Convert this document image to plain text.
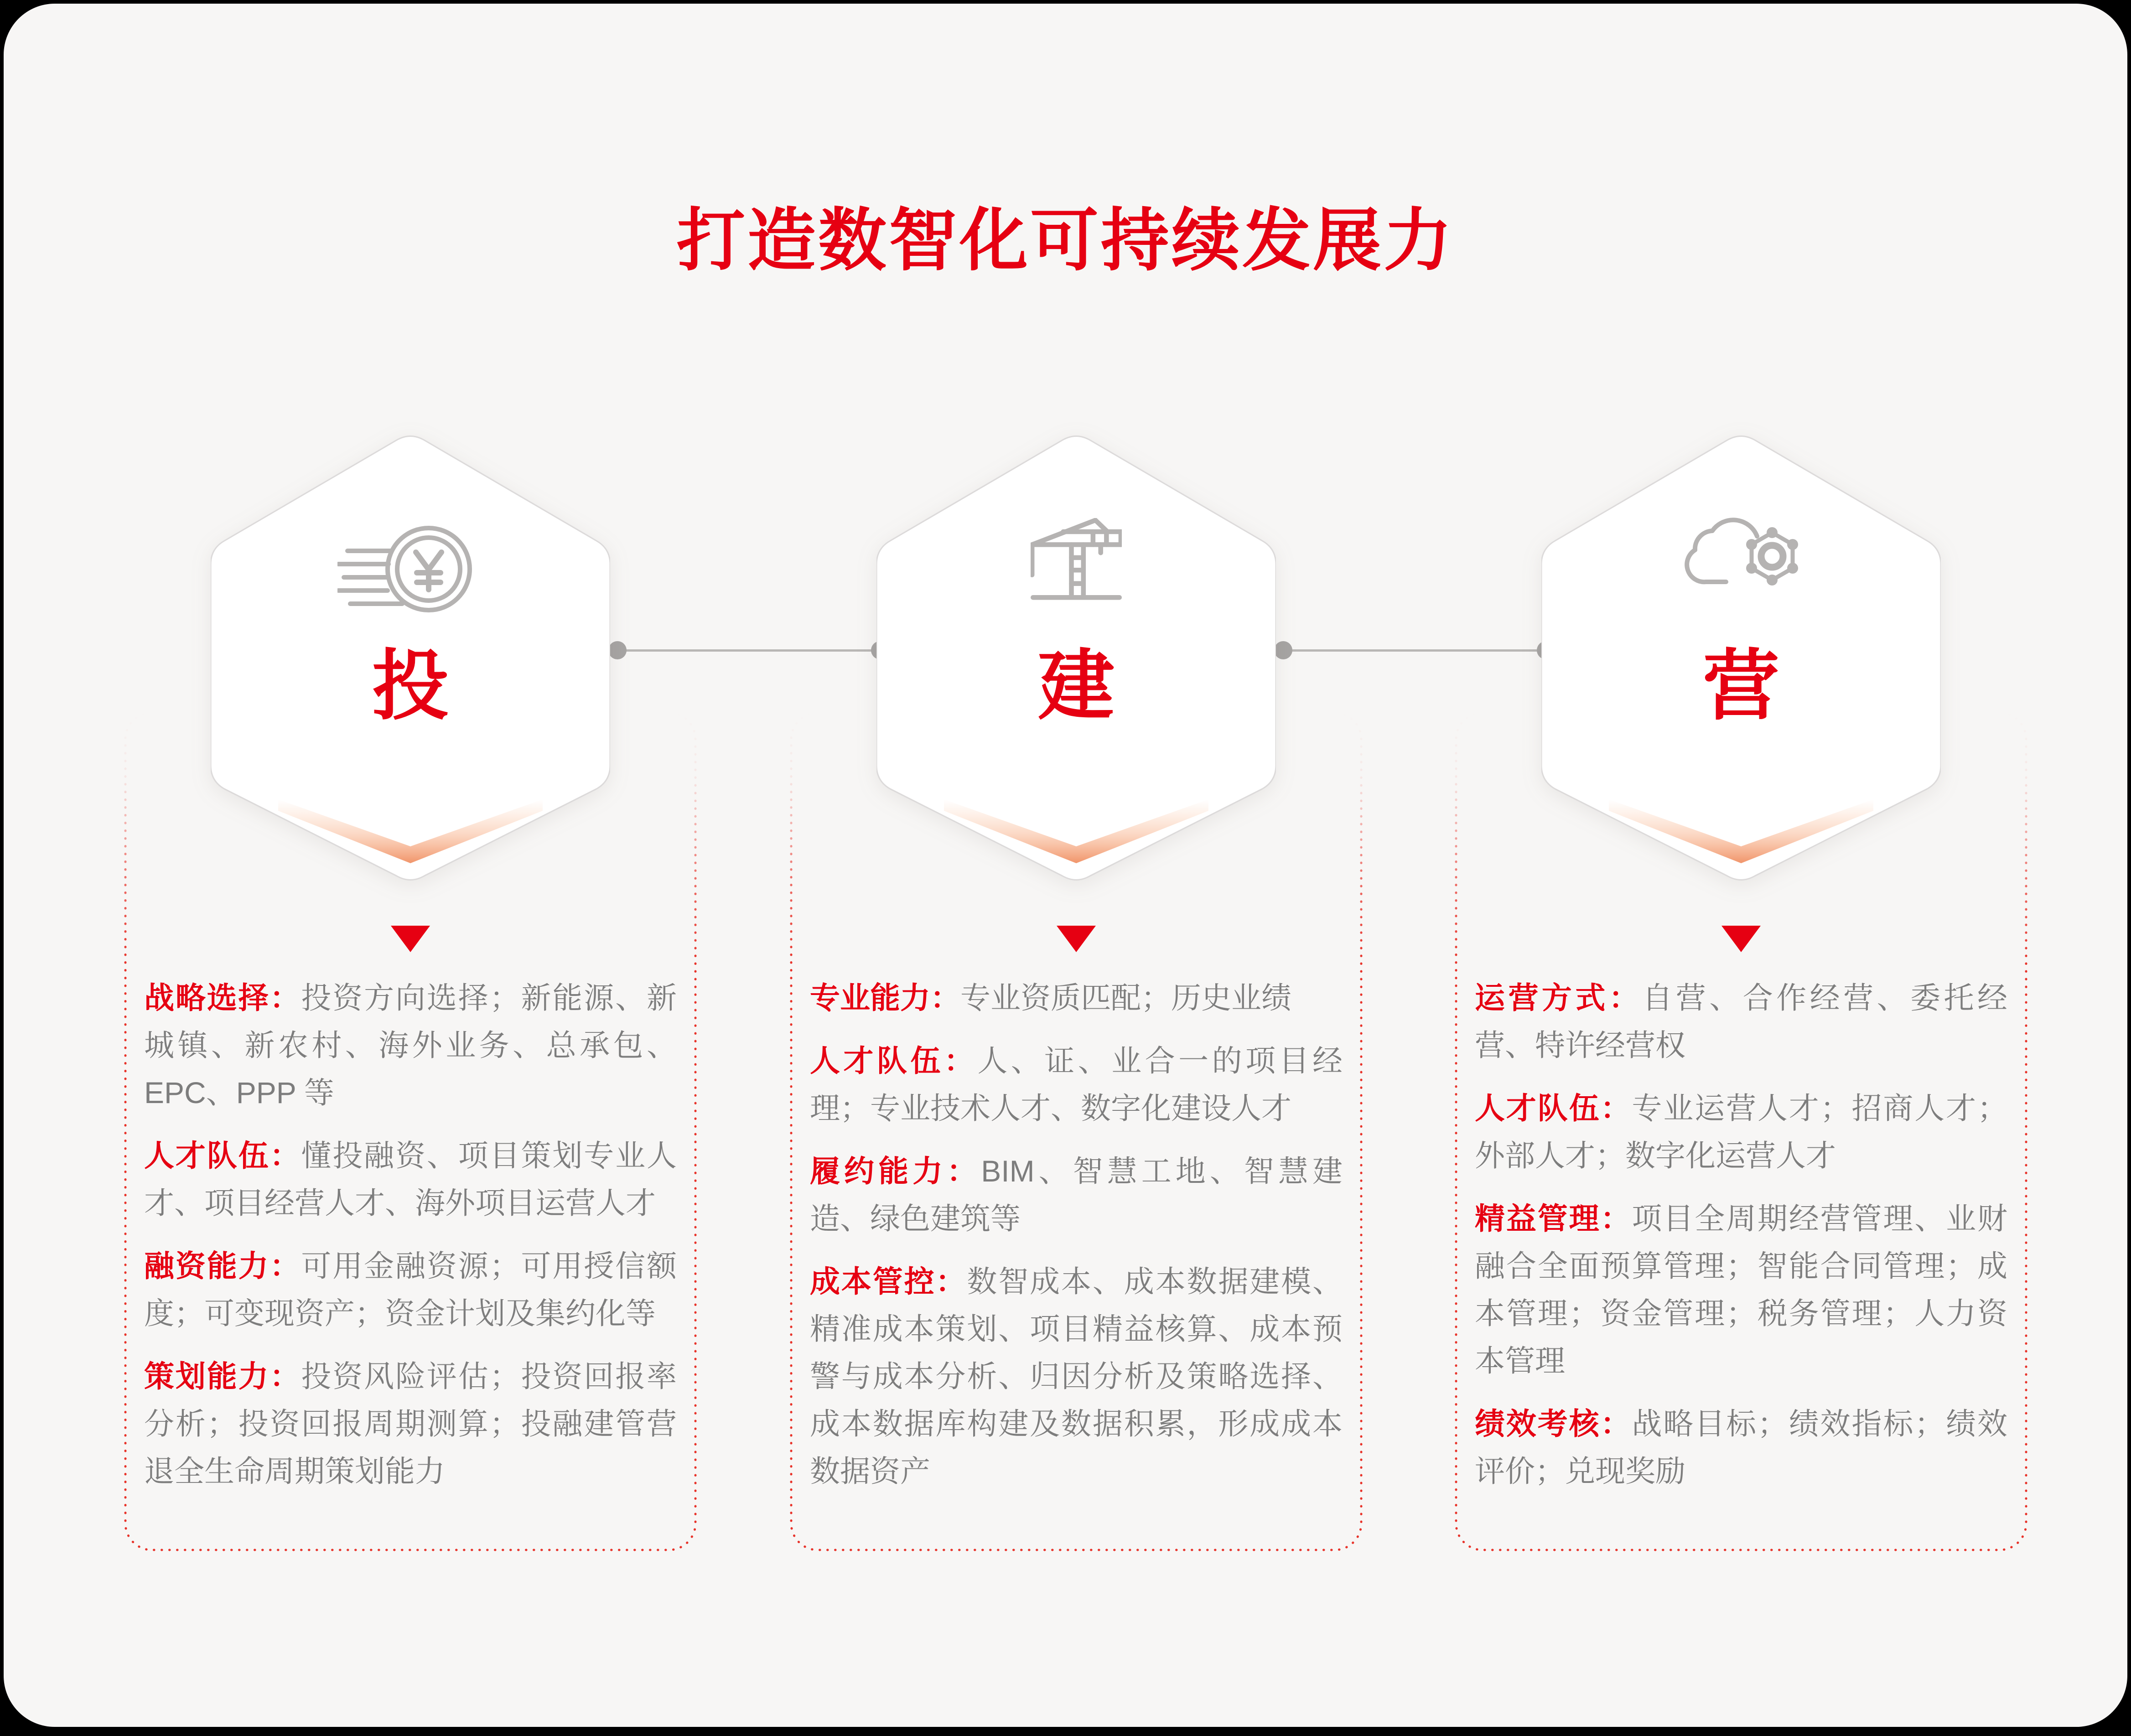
打造数智化可持续发展力
投

战略选择：投资方向选择；新能源、新城镇、新农村、海外业务、总承包、EPC、PPP 等

人才队伍：懂投融资、项目策划专业人才、项目经营人才、海外项目运营人才

融资能力：可用金融资源；可用授信额度；可变现资产；资金计划及集约化等

策划能力：投资风险评估；投资回报率分析；投资回报周期测算；投融建管营退全生命周期策划能力

建

专业能力：专业资质匹配；历史业绩

人才队伍：人、证、业合一的项目经理；专业技术人才、数字化建设人才

履约能力：BIM、智慧工地、智慧建造、绿色建筑等

成本管控：数智成本、成本数据建模、精准成本策划、项目精益核算、成本预警与成本分析、归因分析及策略选择、成本数据库构建及数据积累，形成成本数据资产

营

运营方式：自营、合作经营、委托经营、特许经营权

人才队伍：专业运营人才；招商人才；外部人才；数字化运营人才

精益管理：项目全周期经营管理、业财融合全面预算管理；智能合同管理；成本管理；资金管理；税务管理；人力资本管理

绩效考核：战略目标；绩效指标；绩效评价；兑现奖励
